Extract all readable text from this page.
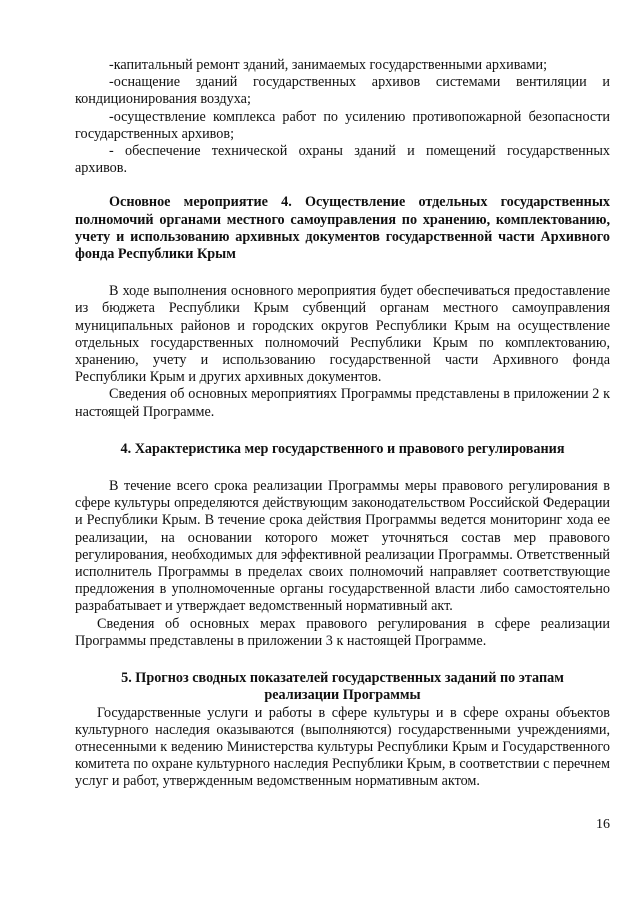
-капитальный ремонт зданий, занимаемых государственными архивами;

-оснащение зданий государственных архивов системами вентиляции и кондиционирования воздуха;

-осуществление комплекса работ по усилению противопожарной безопасности государственных архивов;

- обеспечение технической охраны зданий и помещений государственных архивов.

Основное мероприятие 4. Осуществление отдельных государственных полномочий органами местного самоуправления по хранению, комплектованию, учету и использованию архивных документов государственной части Архивного фонда Республики Крым

В ходе выполнения основного мероприятия будет обеспечиваться предоставление из бюджета Республики Крым субвенций органам местного самоуправления муниципальных районов и городских округов Республики Крым на осуществление отдельных государственных полномочий Республики Крым по комплектованию, хранению, учету и использованию государственной части Архивного фонда Республики Крым и других архивных документов.

Сведения об основных мероприятиях Программы представлены в приложении 2 к настоящей Программе.

4. Характеристика мер государственного и правового регулирования

В течение всего срока реализации Программы меры правового регулирования в сфере культуры определяются действующим законодательством Российской Федерации и Республики Крым. В течение срока действия Программы ведется мониторинг хода ее реализации, на основании которого может уточняться состав мер правового регулирования, необходимых для эффективной реализации Программы. Ответственный исполнитель Программы в пределах своих полномочий направляет соответствующие предложения в уполномоченные органы государственной власти либо самостоятельно разрабатывает и утверждает ведомственный нормативный акт.

Сведения об основных мерах правового регулирования в сфере реализации Программы представлены в приложении 3 к настоящей Программе.

5. Прогноз сводных показателей государственных заданий по этапам

реализации Программы

Государственные услуги и работы в сфере культуры и в сфере охраны объектов культурного наследия оказываются (выполняются) государственными учреждениями, отнесенными к ведению Министерства культуры Республики Крым и Государственного комитета по охране культурного наследия Республики Крым, в соответствии с перечнем услуг и работ, утвержденным ведомственным нормативным актом.

16
